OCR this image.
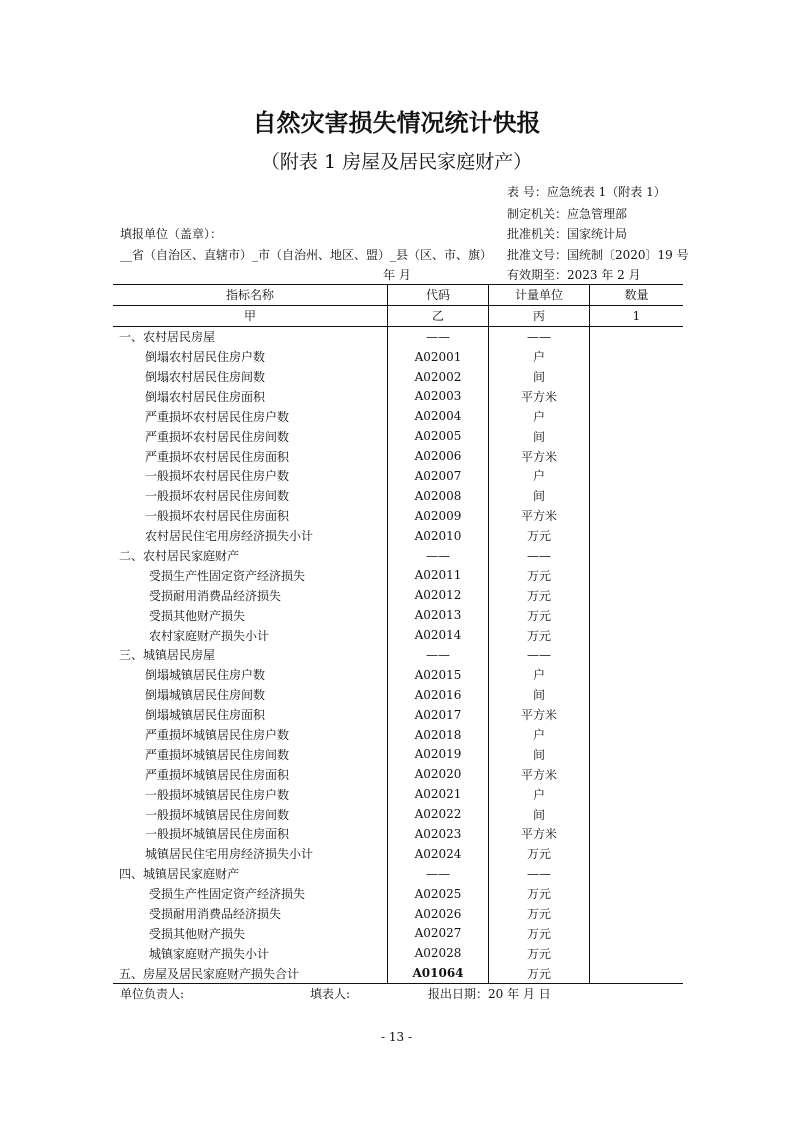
自然灾害损失情况统计快报
（附表 1 房屋及居民家庭财产）
表 号：应急统表 1（附表 1）
制定机关：应急管理部
填报单位（盖章）：	批准机关：国家统计局
__省（自治区、直辖市）_市（自治州、地区、盟）_县（区、市、旗） 批准文号：国统制〔2020〕19 号
年 月	有效期至：2023 年 2 月
指标名称	代码	计量单位	数量
甲	乙	丙	1
一、农村居民房屋	——	——	
倒塌农村居民住房户数	A02001	户	
倒塌农村居民住房间数	A02002	间	
倒塌农村居民住房面积	A02003	平方米	
严重损坏农村居民住房户数	A02004	户	
严重损坏农村居民住房间数	A02005	间	
严重损坏农村居民住房面积	A02006	平方米	
一般损坏农村居民住房户数	A02007	户	
一般损坏农村居民住房间数	A02008	间	
一般损坏农村居民住房面积	A02009	平方米	
农村居民住宅用房经济损失小计	A02010	万元	
二、农村居民家庭财产	——	——	
受损生产性固定资产经济损失	A02011	万元	
受损耐用消费品经济损失	A02012	万元	
受损其他财产损失	A02013	万元	
农村家庭财产损失小计	A02014	万元	
三、城镇居民房屋	——	——	
倒塌城镇居民住房户数	A02015	户	
倒塌城镇居民住房间数	A02016	间	
倒塌城镇居民住房面积	A02017	平方米	
严重损坏城镇居民住房户数	A02018	户	
严重损坏城镇居民住房间数	A02019	间	
严重损坏城镇居民住房面积	A02020	平方米	
一般损坏城镇居民住房户数	A02021	户	
一般损坏城镇居民住房间数	A02022	间	
一般损坏城镇居民住房面积	A02023	平方米	
城镇居民住宅用房经济损失小计	A02024	万元	
四、城镇居民家庭财产	——	——	
受损生产性固定资产经济损失	A02025	万元	
受损耐用消费品经济损失	A02026	万元	
受损其他财产损失	A02027	万元	
城镇家庭财产损失小计	A02028	万元	
五、房屋及居民家庭财产损失合计	A01064	万元	
单位负责人:	填表人:	报出日期：20 年 月 日
- 13 -
